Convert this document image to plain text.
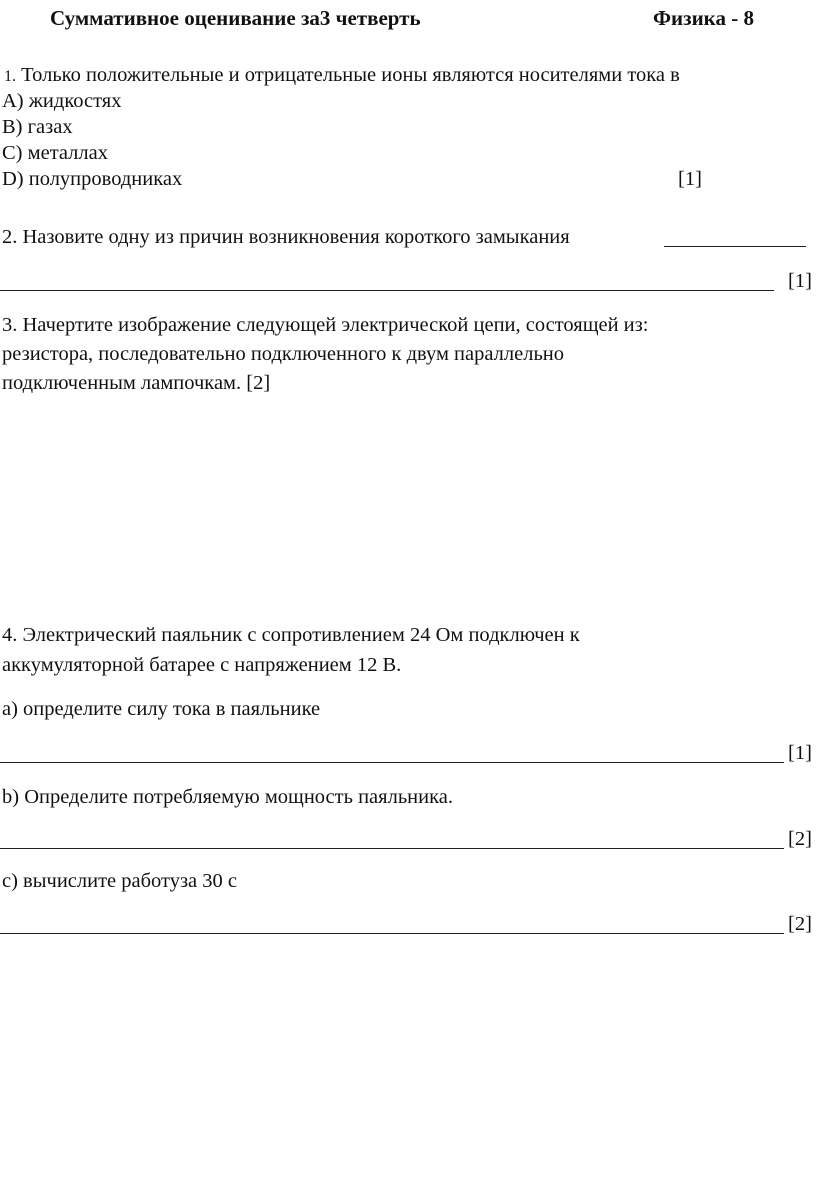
Суммативное оценивание за3 четверть	Физика - 8
1. Только положительные и отрицательные ионы являются носителями тока в
A) жидкостях
B) газах
C) металлах
D) полупроводниках	[1]
2. Назовите одну из причин возникновения короткого замыкания
[1]
3. Начертите изображение следующей электрической цепи, состоящей из:
резистора, последовательно подключенного к двум параллельно
подключенным лампочкам. [2]
4. Электрический паяльник с сопротивлением 24 Ом подключен к
аккумуляторной батарее с напряжением 12 В.
a) определите силу тока в паяльнике
[1]
b) Определите потребляемую мощность паяльника.
[2]
c) вычислите работуза 30 с
[2]
